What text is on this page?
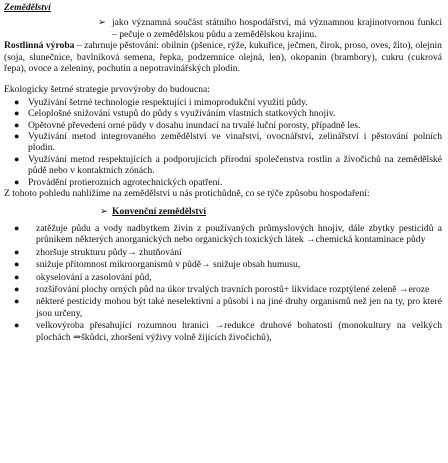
Zemědělství
➢ jako významná součást státního hospodářství, má významnou krajinotvornou funkci – pečuje o zemědělskou půdu a zemědělskou krajinu.

Rostlinná výroba – zahrnuje pěstování: obilnin (pšenice, rýže, kukuřice, ječmen, čirok, proso, oves, žito), olejnin (soja, slunečnice, bavlníková semena, řepka, podzemnice olejná, len), okopanin (brambory), cukru (cukrová řepa), ovoce a zeleniny, pochutin a nepotravinářských plodin.

Ekologicky šetrné strategie prvovýroby do budoucna:

● Využívání šetrné technologie respektující i mimoprodukční využití půdy.
● Celoplošné snižování vstupů do půdy s využíváním vlastních statkových hnojiv.
● Opětovné převedení orné půdy v dosahu inundací na trvalé luční porosty, případně les.
● Využívání metod integrovaného zemědělství ve vinařství, ovocnářství, zelinářství i pěstování polních plodin.
● Využívání metod respektujících a podporujících přírodní společenstva rostlin a živočichů na zemědělské půdě nebo v kontaktních zónách.
● Provádění protierozních agrotechnických opatření.

Z tohoto pohledu nahlížíme na zemědělství u nás protichůdně, co se týče způsobu hospodaření:

➢ Konvenční zemědělství
● zatěžuje půdu a vody nadbytkem živin z používaných průmyslových hnojiv, dále zbytky pesticidů a průnikem některých anorganických nebo organických toxických látek →chemická kontaminace půdy
● zhoršuje strukturu půdy→ zhutňování
● snižuje přítomnost mikroorganismů v půdě→ snižuje obsah humusu,
● okyselování a zasolování půd,
● rozšiřování plochy orných půd na úkor trvalých travních porostů+ likvidace rozptýlené zeleně →eroze
● některé pesticidy mohou být také neselektivní a působí i na jiné druhy organismů než jen na ty, pro které jsou určeny,
● velkovýroba přesahující rozumnou hranici →redukce druhové bohatosti (monokultury na velkých plochách ⇒škůdci, zhoršení výživy volně žijících živočichů),
